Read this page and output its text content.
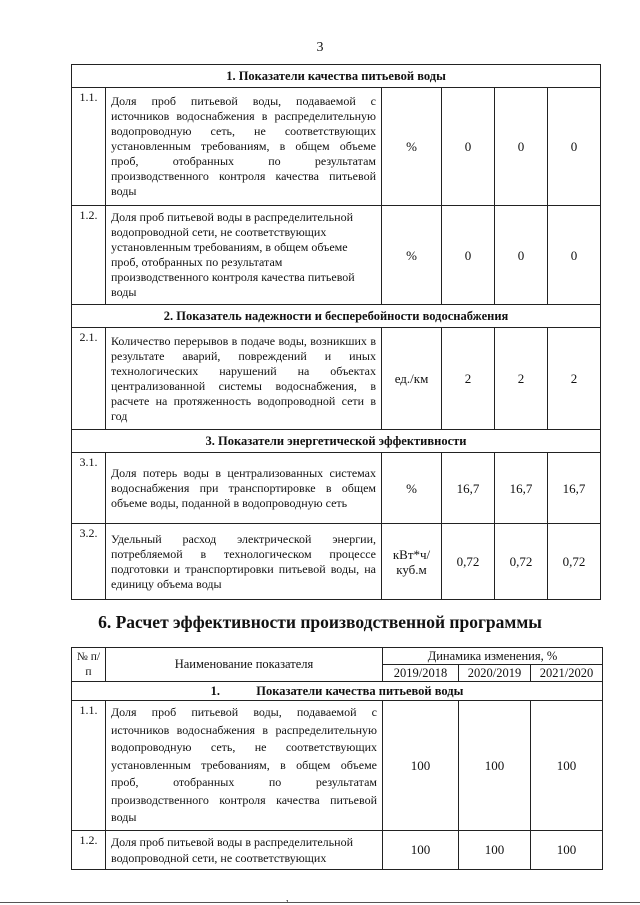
3
1. Показатели качества питьевой воды					
1.1.	Доля проб питьевой воды, подаваемой с источников водоснабжения в распределительную водопроводную сеть, не соответствующих установленным требованиям, в общем объеме проб, отобранных по результатам производственного контроля качества питьевой воды	%	0	0	0
1.2.	Доля проб питьевой воды в распределительной водопроводной сети, не соответствующих установленным требованиям, в общем объеме проб, отобранных по результатам производственного контроля качества питьевой воды	%	0	0	0
2. Показатель надежности и бесперебойности водоснабжения					
2.1.	Количество перерывов в подаче воды, возникших в результате аварий, повреждений и иных технологических нарушений на объектах централизованной системы водоснабжения, в расчете на протяженность водопроводной сети в год	ед./км	2	2	2
3. Показатели энергетической эффективности					
3.1.	Доля потерь воды в централизованных системах водоснабжения при транспортировке в общем объеме воды, поданной в водопроводную сеть	%	16,7	16,7	16,7
3.2.	Удельный расход электрической энергии, потребляемой в технологическом процессе подготовки и транспортировки питьевой воды, на единицу объема воды	кВт*ч/ куб.м	0,72	0,72	0,72
6. Расчет эффективности производственной программы
№ п/п	Наименование показателя	Динамика изменения, %		
		2019/2018	2020/2019	2021/2020
1. Показатели качества питьевой воды				
1.1.	Доля проб питьевой воды, подаваемой с источников водоснабжения в распределительную водопроводную сеть, не соответствующих установленным требованиям, в общем объеме проб, отобранных по результатам производственного контроля качества питьевой воды	100	100	100
1.2.	Доля проб питьевой воды в распределительной водопроводной сети, не соответствующих	100	100	100
,
